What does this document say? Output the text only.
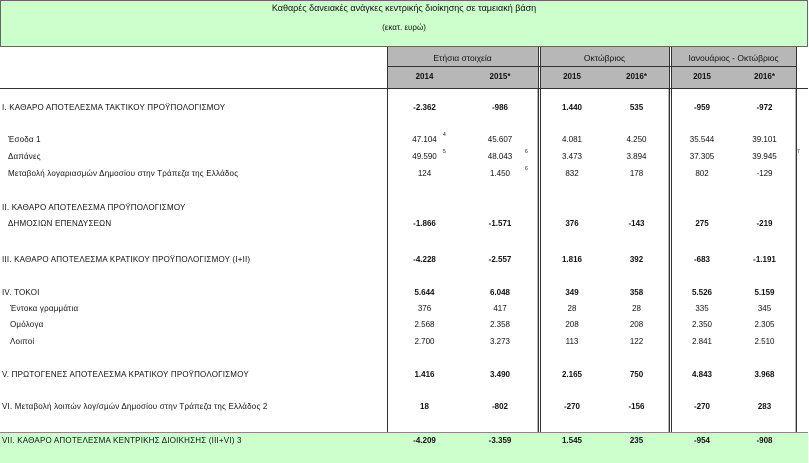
Καθαρές δανειακές ανάγκες κεντρικής διοίκησης σε ταμειακή βάση
(εκατ. ευρώ)
Ετήσια στοιχεία	Οκτώβριος	Ιανουάριος - Οκτώβριος
2014	2015*	2015	2016*	2015	2016*
I. ΚΑΘΑΡΟ ΑΠΟΤΕΛΕΣΜΑ ΤΑΚΤΙΚΟΥ ΠΡΟΫΠΟΛΟΓΙΣΜΟΥ	-2.362	-986	1.440	535	-959	-972
Έσοδα 1	47.104	45.607	4.081	4.250	35.544	39.101
4
Δαπάνες	49.590	48.043	3.473	3.894	37.305	39.945
5	6	7
Μεταβολή λογαριασμών Δημοσίου στην Τράπεζα της Ελλάδος	124	1.450	832	178	802	-129
6
II. ΚΑΘΑΡΟ ΑΠΟΤΕΛΕΣΜΑ ΠΡΟΫΠΟΛΟΓΙΣΜΟΥ
ΔΗΜΟΣΙΩΝ ΕΠΕΝΔΥΣΕΩΝ	-1.866	-1.571	376	-143	275	-219
III. ΚΑΘΑΡΟ ΑΠΟΤΕΛΕΣΜΑ ΚΡΑΤΙΚΟΥ ΠΡΟΫΠΟΛΟΓΙΣΜΟΥ (I+II)	-4.228	-2.557	1.816	392	-683	-1.191
IV. ΤΟΚΟΙ	5.644	6.048	349	358	5.526	5.159
Έντοκα γραμμάτια	376	417	28	28	335	345
Ομόλογα	2.568	2.358	208	208	2.350	2.305
Λοιποί	2.700	3.273	113	122	2.841	2.510
V. ΠΡΩΤΟΓΕΝΕΣ ΑΠΟΤΕΛΕΣΜΑ ΚΡΑΤΙΚΟΥ ΠΡΟΫΠΟΛΟΓΙΣΜΟΥ	1.416	3.490	2.165	750	4.843	3.968
VI. Μεταβολή λοιπών λογ/σμών Δημοσίου στην Τράπεζα της Ελλάδος 2	18	-802	-270	-156	-270	283
VII. ΚΑΘΑΡΟ ΑΠΟΤΕΛΕΣΜΑ ΚΕΝΤΡΙΚΗΣ ΔΙΟΙΚΗΣΗΣ (III+VI) 3	-4.209	-3.359	1.545	235	-954	-908
